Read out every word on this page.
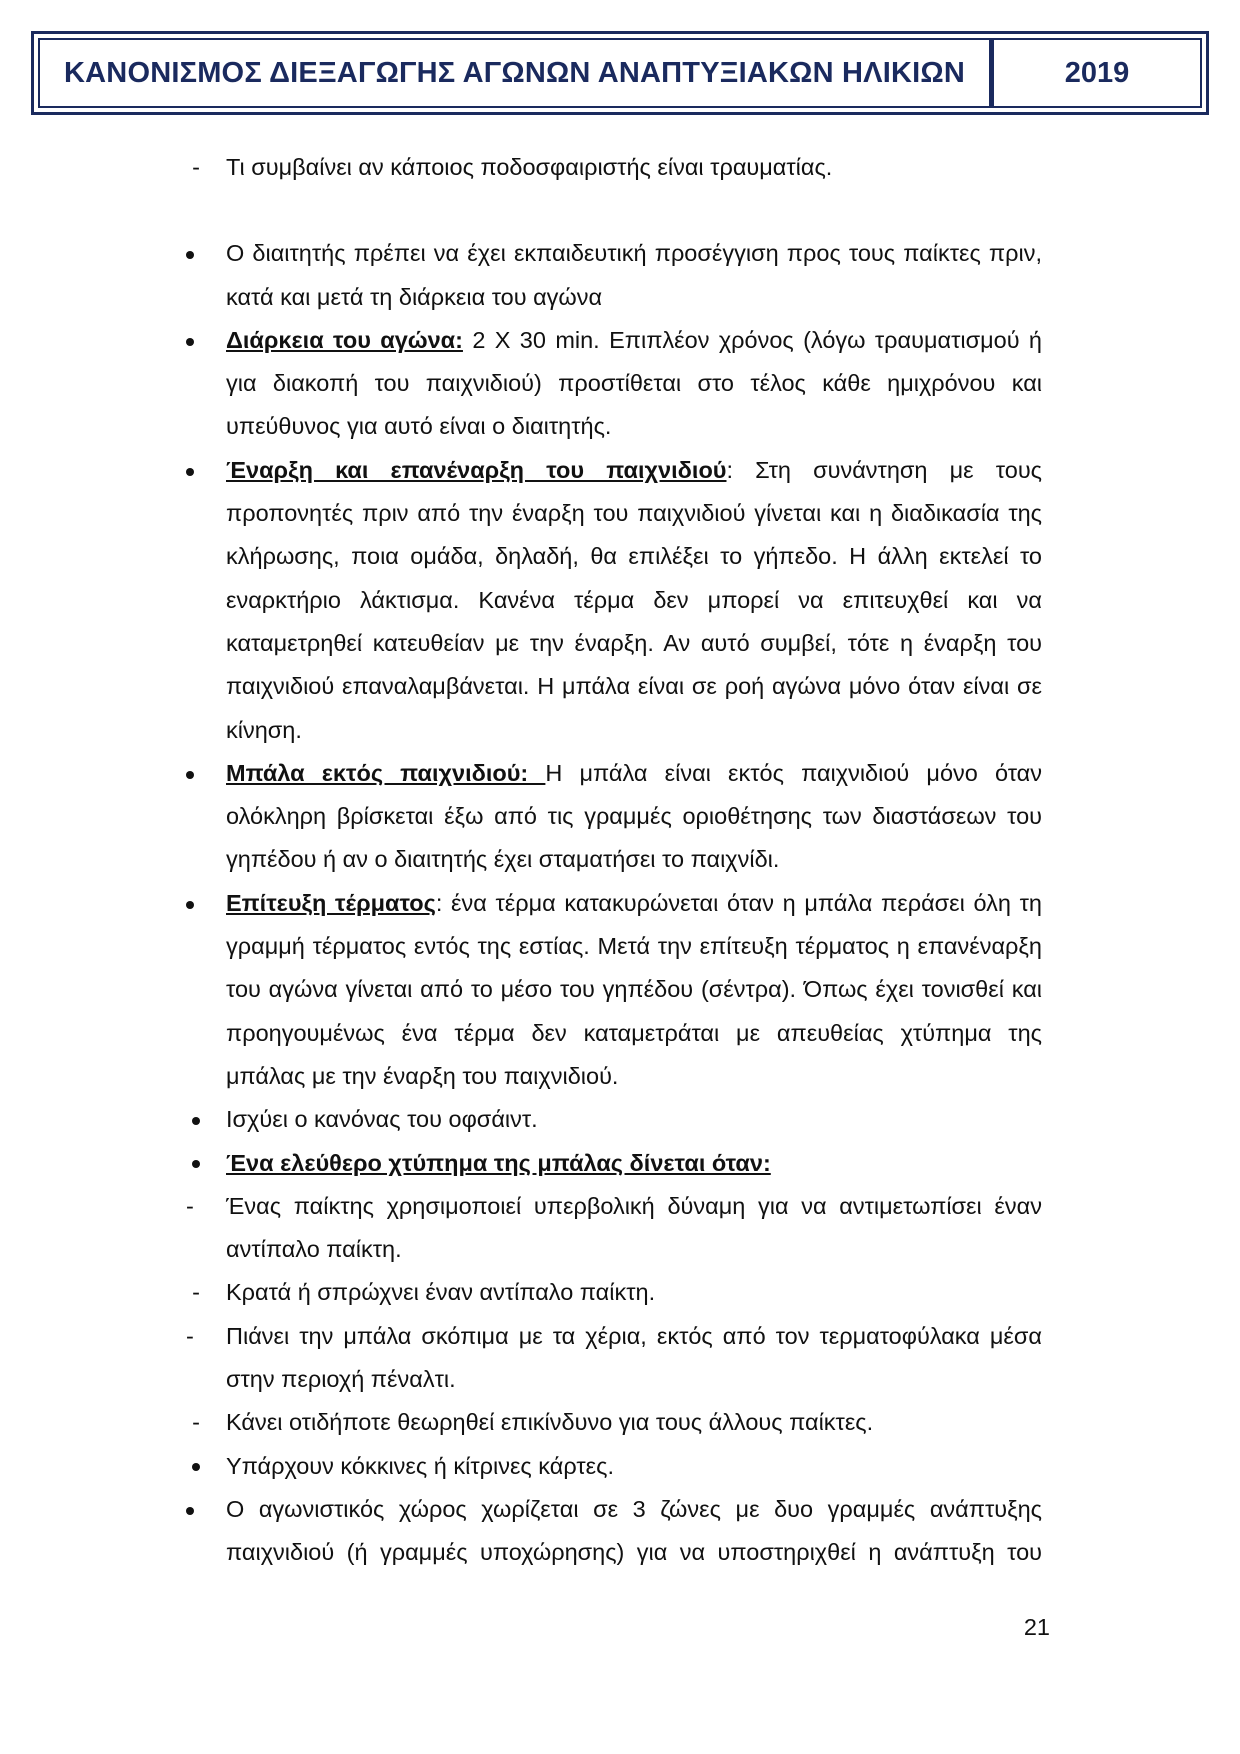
ΚΑΝΟΝΙΣΜΟΣ ΔΙΕΞΑΓΩΓΗΣ ΑΓΩΝΩΝ ΑΝΑΠΤΥΞΙΑΚΩΝ ΗΛΙΚΙΩΝ	2019
- Τι συμβαίνει αν κάποιος ποδοσφαιριστής είναι τραυματίας.
Ο διαιτητής πρέπει να έχει εκπαιδευτική προσέγγιση προς τους παίκτες πριν, κατά και μετά τη διάρκεια του αγώνα
Διάρκεια του αγώνα: 2 Χ 30 min. Επιπλέον χρόνος (λόγω τραυματισμού ή για διακοπή του παιχνιδιού) προστίθεται στο τέλος κάθε ημιχρόνου και υπεύθυνος για αυτό είναι ο διαιτητής.
Έναρξη και επανέναρξη του παιχνιδιού: Στη συνάντηση με τους προπονητές πριν από την έναρξη του παιχνιδιού γίνεται και η διαδικασία της κλήρωσης, ποια ομάδα, δηλαδή, θα επιλέξει το γήπεδο. Η άλλη εκτελεί το εναρκτήριο λάκτισμα. Κανένα τέρμα δεν μπορεί να επιτευχθεί και να καταμετρηθεί κατευθείαν με την έναρξη. Αν αυτό συμβεί, τότε η έναρξη του παιχνιδιού επαναλαμβάνεται. Η μπάλα είναι σε ροή αγώνα μόνο όταν είναι σε κίνηση.
Μπάλα εκτός παιχνιδιού: Η μπάλα είναι εκτός παιχνιδιού μόνο όταν ολόκληρη βρίσκεται έξω από τις γραμμές οριοθέτησης των διαστάσεων του γηπέδου ή αν ο διαιτητής έχει σταματήσει το παιχνίδι.
Επίτευξη τέρματος: ένα τέρμα κατακυρώνεται όταν η μπάλα περάσει όλη τη γραμμή τέρματος εντός της εστίας. Μετά την επίτευξη τέρματος η επανέναρξη του αγώνα γίνεται από το μέσο του γηπέδου (σέντρα). Όπως έχει τονισθεί και προηγουμένως ένα τέρμα δεν καταμετράται με απευθείας χτύπημα της μπάλας με την έναρξη του παιχνιδιού.
Ισχύει ο κανόνας του οφσάιντ.
Ένα ελεύθερο χτύπημα της μπάλας δίνεται όταν:
-	Ένας παίκτης χρησιμοποιεί υπερβολική δύναμη για να αντιμετωπίσει έναν αντίπαλο παίκτη.
- Κρατά ή σπρώχνει έναν αντίπαλο παίκτη.
-	Πιάνει την μπάλα σκόπιμα με τα χέρια, εκτός από τον τερματοφύλακα μέσα στην περιοχή πέναλτι.
- Κάνει οτιδήποτε θεωρηθεί επικίνδυνο για τους άλλους παίκτες.
Υπάρχουν κόκκινες ή κίτρινες κάρτες.
Ο αγωνιστικός χώρος χωρίζεται σε 3 ζώνες με δυο γραμμές ανάπτυξης παιχνιδιού (ή γραμμές υποχώρησης) για να υποστηριχθεί η ανάπτυξη του
21
